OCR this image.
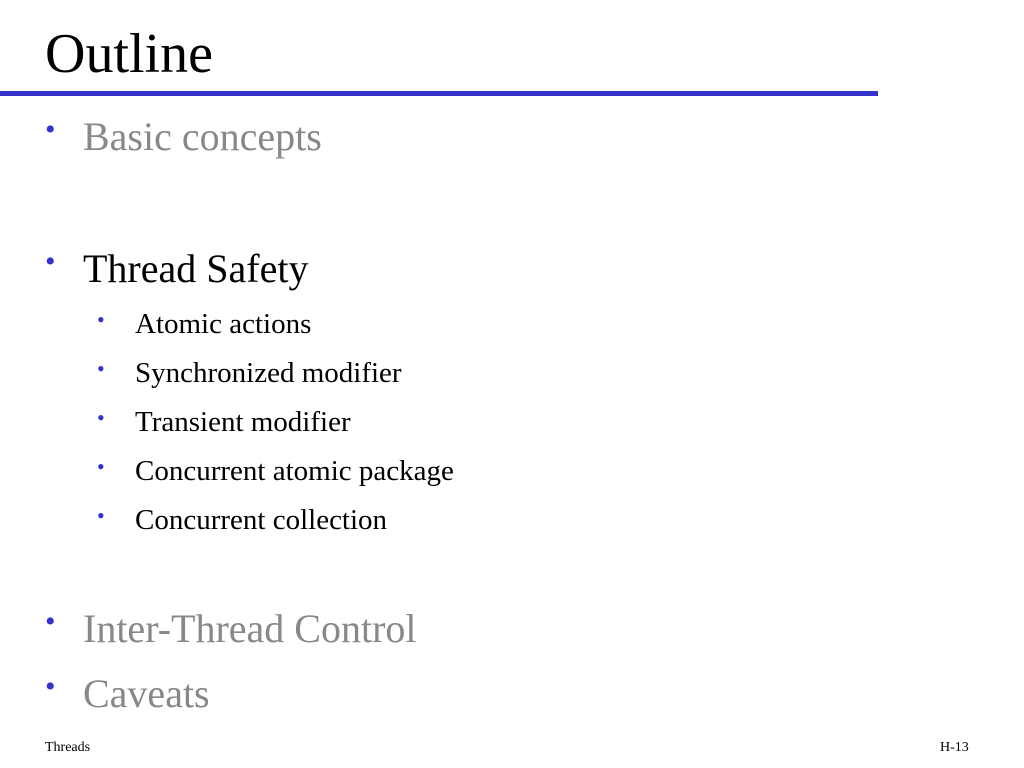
Outline
• Basic concepts
• Thread Safety
• Atomic actions
• Synchronized modifier
• Transient modifier
• Concurrent atomic package
• Concurrent collection
• Inter-Thread Control
• Caveats
Threads	H-13
